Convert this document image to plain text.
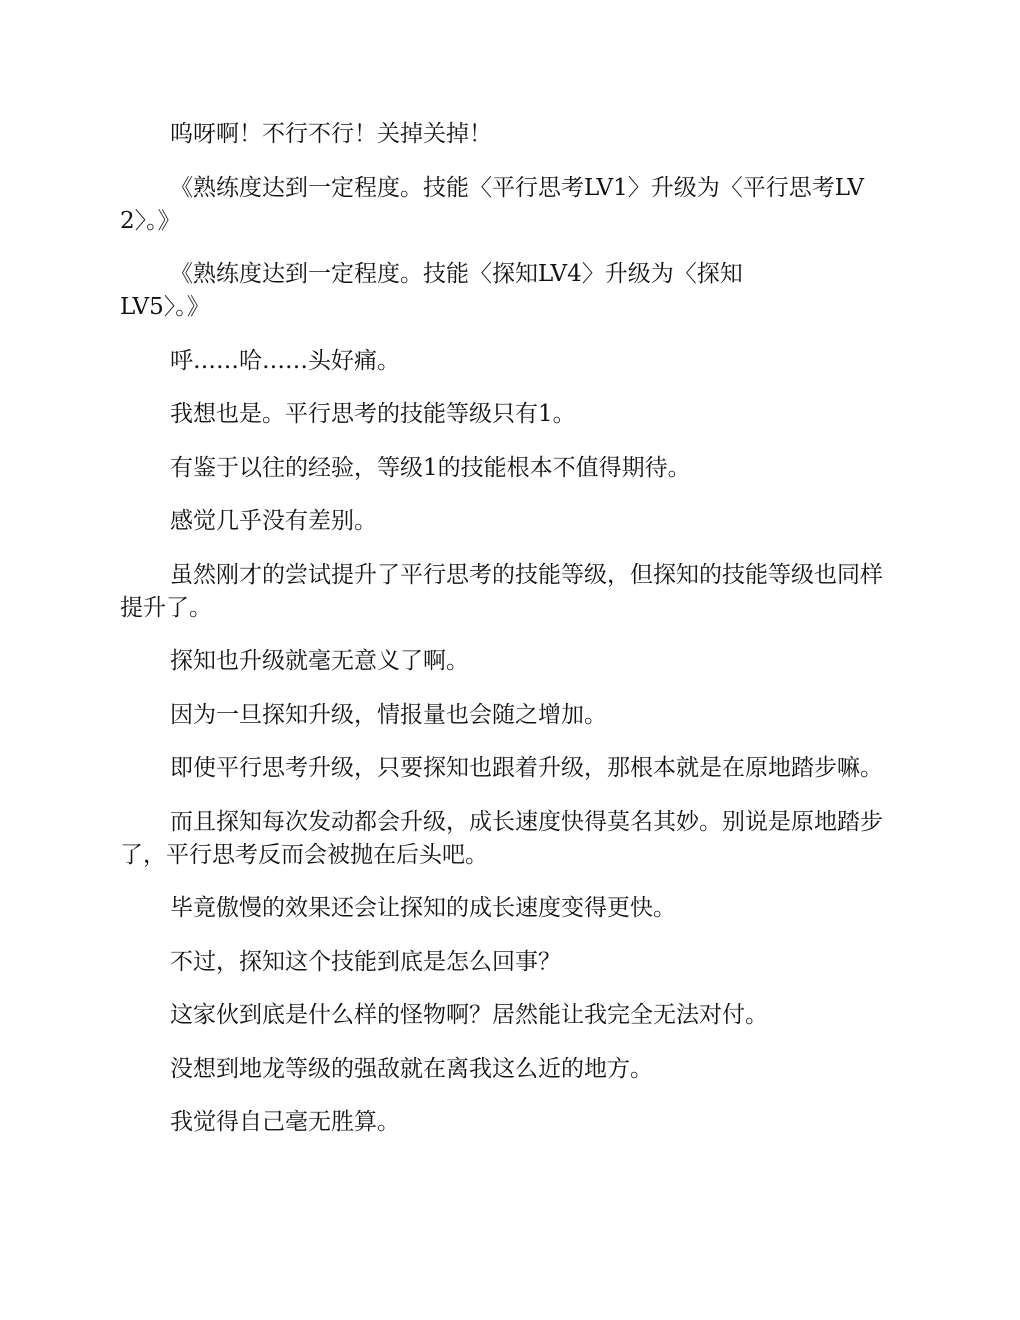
呜呀啊！不行不行！关掉关掉！

《熟练度达到一定程度。技能〈平行思考LV1〉升级为〈平行思考LV2〉。》

《熟练度达到一定程度。技能〈探知LV4〉升级为〈探知
LV5〉。》

呼……哈……头好痛。

我想也是。平行思考的技能等级只有1。

有鉴于以往的经验，等级1的技能根本不值得期待。

感觉几乎没有差别。

虽然刚才的尝试提升了平行思考的技能等级，但探知的技能等级也同样提升了。

探知也升级就毫无意义了啊。

因为一旦探知升级，情报量也会随之增加。

即使平行思考升级，只要探知也跟着升级，那根本就是在原地踏步嘛。

而且探知每次发动都会升级，成长速度快得莫名其妙。别说是原地踏步了，平行思考反而会被抛在后头吧。

毕竟傲慢的效果还会让探知的成长速度变得更快。

不过，探知这个技能到底是怎么回事？

这家伙到底是什么样的怪物啊？居然能让我完全无法对付。

没想到地龙等级的强敌就在离我这么近的地方。

我觉得自己毫无胜算。
